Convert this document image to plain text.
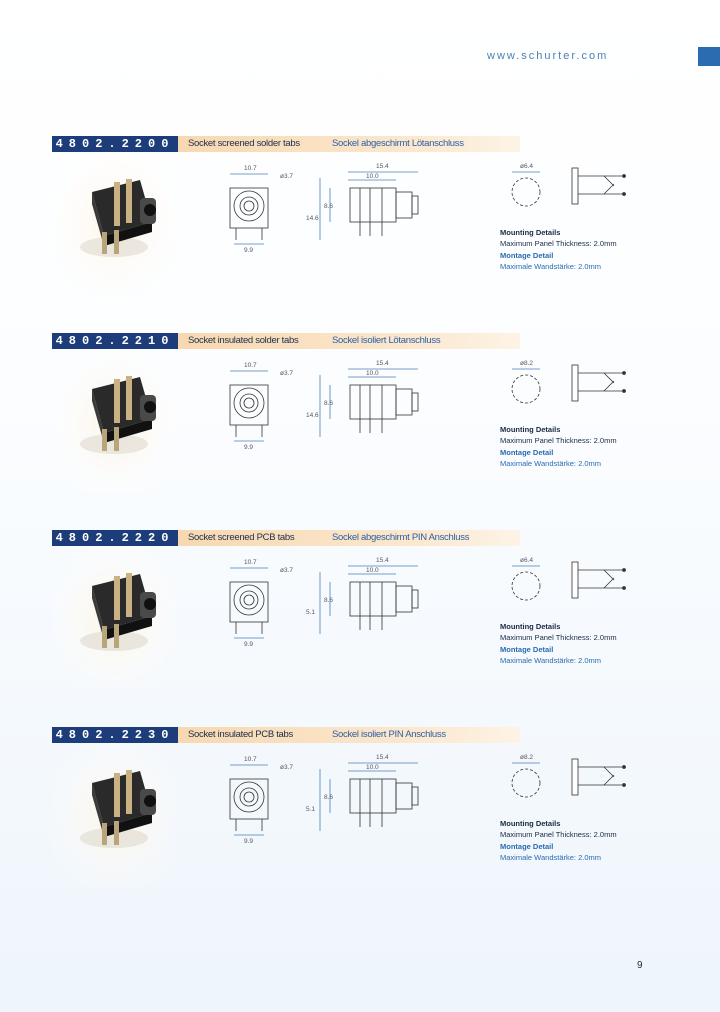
www.schurter.com
4802.2200	Socket screened solder tabs	Sockel abgeschirmt Lötanschluss
10.7
ø3.7
9.9
15.4
10.0
8.6
14.6
ø6.4
Mounting Details
Maximum Panel Thickness: 2.0mm
Montage Detail
Maximale Wandstärke: 2.0mm
4802.2210	Socket insulated solder tabs	Sockel isoliert Lötanschluss
10.7
ø3.7
9.9
15.4
10.0
8.6
14.6
ø8.2
Mounting Details
Maximum Panel Thickness: 2.0mm
Montage Detail
Maximale Wandstärke: 2.0mm
4802.2220	Socket screened PCB tabs	Sockel abgeschirmt PIN Anschluss
10.7
ø3.7
9.9
15.4
10.0
8.6
5.1
ø6.4
Mounting Details
Maximum Panel Thickness: 2.0mm
Montage Detail
Maximale Wandstärke: 2.0mm
4802.2230	Socket insulated PCB tabs	Sockel isoliert PIN Anschluss
10.7
ø3.7
9.9
15.4
10.0
8.6
5.1
ø8.2
Mounting Details
Maximum Panel Thickness: 2.0mm
Montage Detail
Maximale Wandstärke: 2.0mm
9
